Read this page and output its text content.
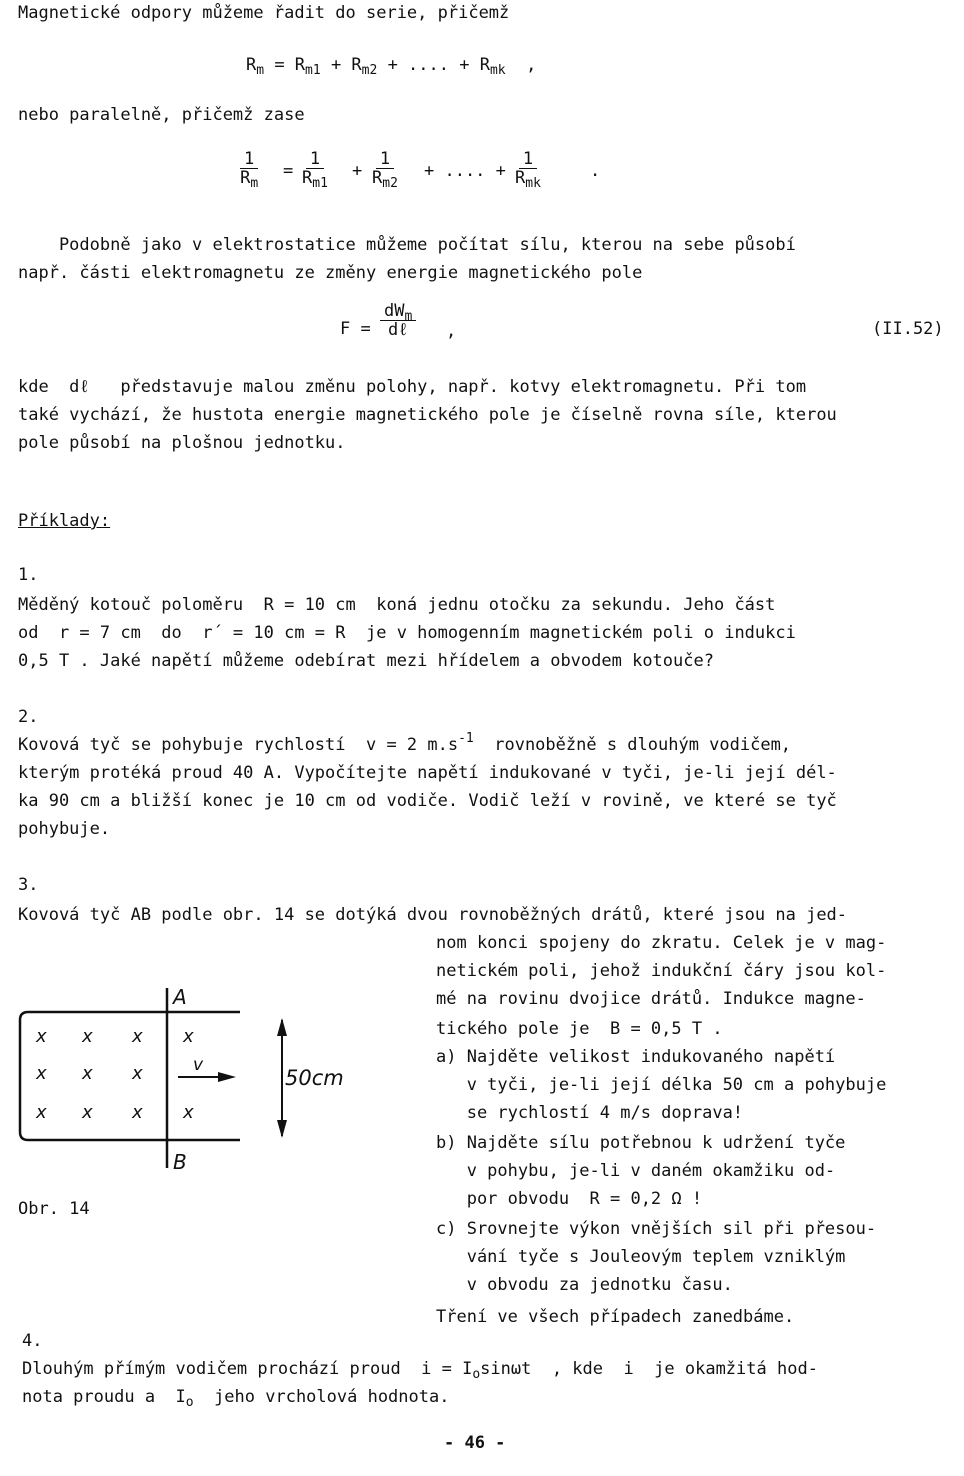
Magnetické odpory můžeme řadit do serie, přičemž
$R_m = R_{m1} + R_{m2}$ + .... + $R_{mk}$ ,
nebo paralelně, přičemž zase
$\frac{1}{R_m} = \frac{1}{R_{m1}} + \frac{1}{R_{m2}}$ + .... +
1
$R_{mk}$
.
Podobně jako v elektrostatice můžeme počítat sílu, kterou na sebe působí
např. části elektromagnetu ze změny energie magnetického pole
F =
$dW_m$
dℓ ,	(II.52)
kde  dℓ   představuje malou změnu polohy, např. kotvy elektromagnetu. Při tom
také vychází, že hustota energie magnetického pole je číselně rovna síle, kterou
pole působí na plošnou jednotku.
Příklady:
1.
Měděný kotouč poloměru  R = 10 cm  koná jednu otočku za sekundu. Jeho část
od  r = 7 cm  do  r´ = 10 cm = R  je v homogenním magnetickém poli o indukci
0,5 T . Jaké napětí můžeme odebírat mezi hřídelem a obvodem kotouče?
2.
Kovová tyč se pohybuje rychlostí  v = 2 $m.s^{-1}$  rovnoběžně s dlouhým vodičem,
kterým protéká proud 40 A. Vypočítejte napětí indukované v tyči, je-li její dél-
ka 90 cm a bližší konec je 10 cm od vodiče. Vodič leží v rovině, ve které se tyč
pohybuje.
3.
Kovová tyč AB podle obr. 14 se dotýká dvou rovnoběžných drátů, které jsou na jed-
nom konci spojeny do zkratu. Celek je v mag-
netickém poli, jehož indukční čáry jsou kol-
mé na rovinu dvojice drátů. Indukce magne-
tického pole je  B = 0,5 T .
a) Najděte velikost indukovaného napětí
v tyči, je-li její délka 50 cm a pohybuje
se rychlostí 4 m/s doprava!
b) Najděte sílu potřebnou k udržení tyče
v pohybu, je-li v daném okamžiku od-
por obvodu  R = 0,2 Ω !
c) Srovnejte výkon vnějších sil při přesou-
vání tyče s Jouleovým teplem vzniklým
v obvodu za jednotku času.
Tření ve všech případech zanedbáme.
x x x x
x x x
x x x x
A
B
v
50cm
Obr. 14
4.
Dlouhým přímým vodičem prochází proud  $i = I_o\sin\omega t$  , kde  i  je okamžitá hod-
nota proudu a  $I_o$  jeho vrcholová hodnota.
- 46 -
